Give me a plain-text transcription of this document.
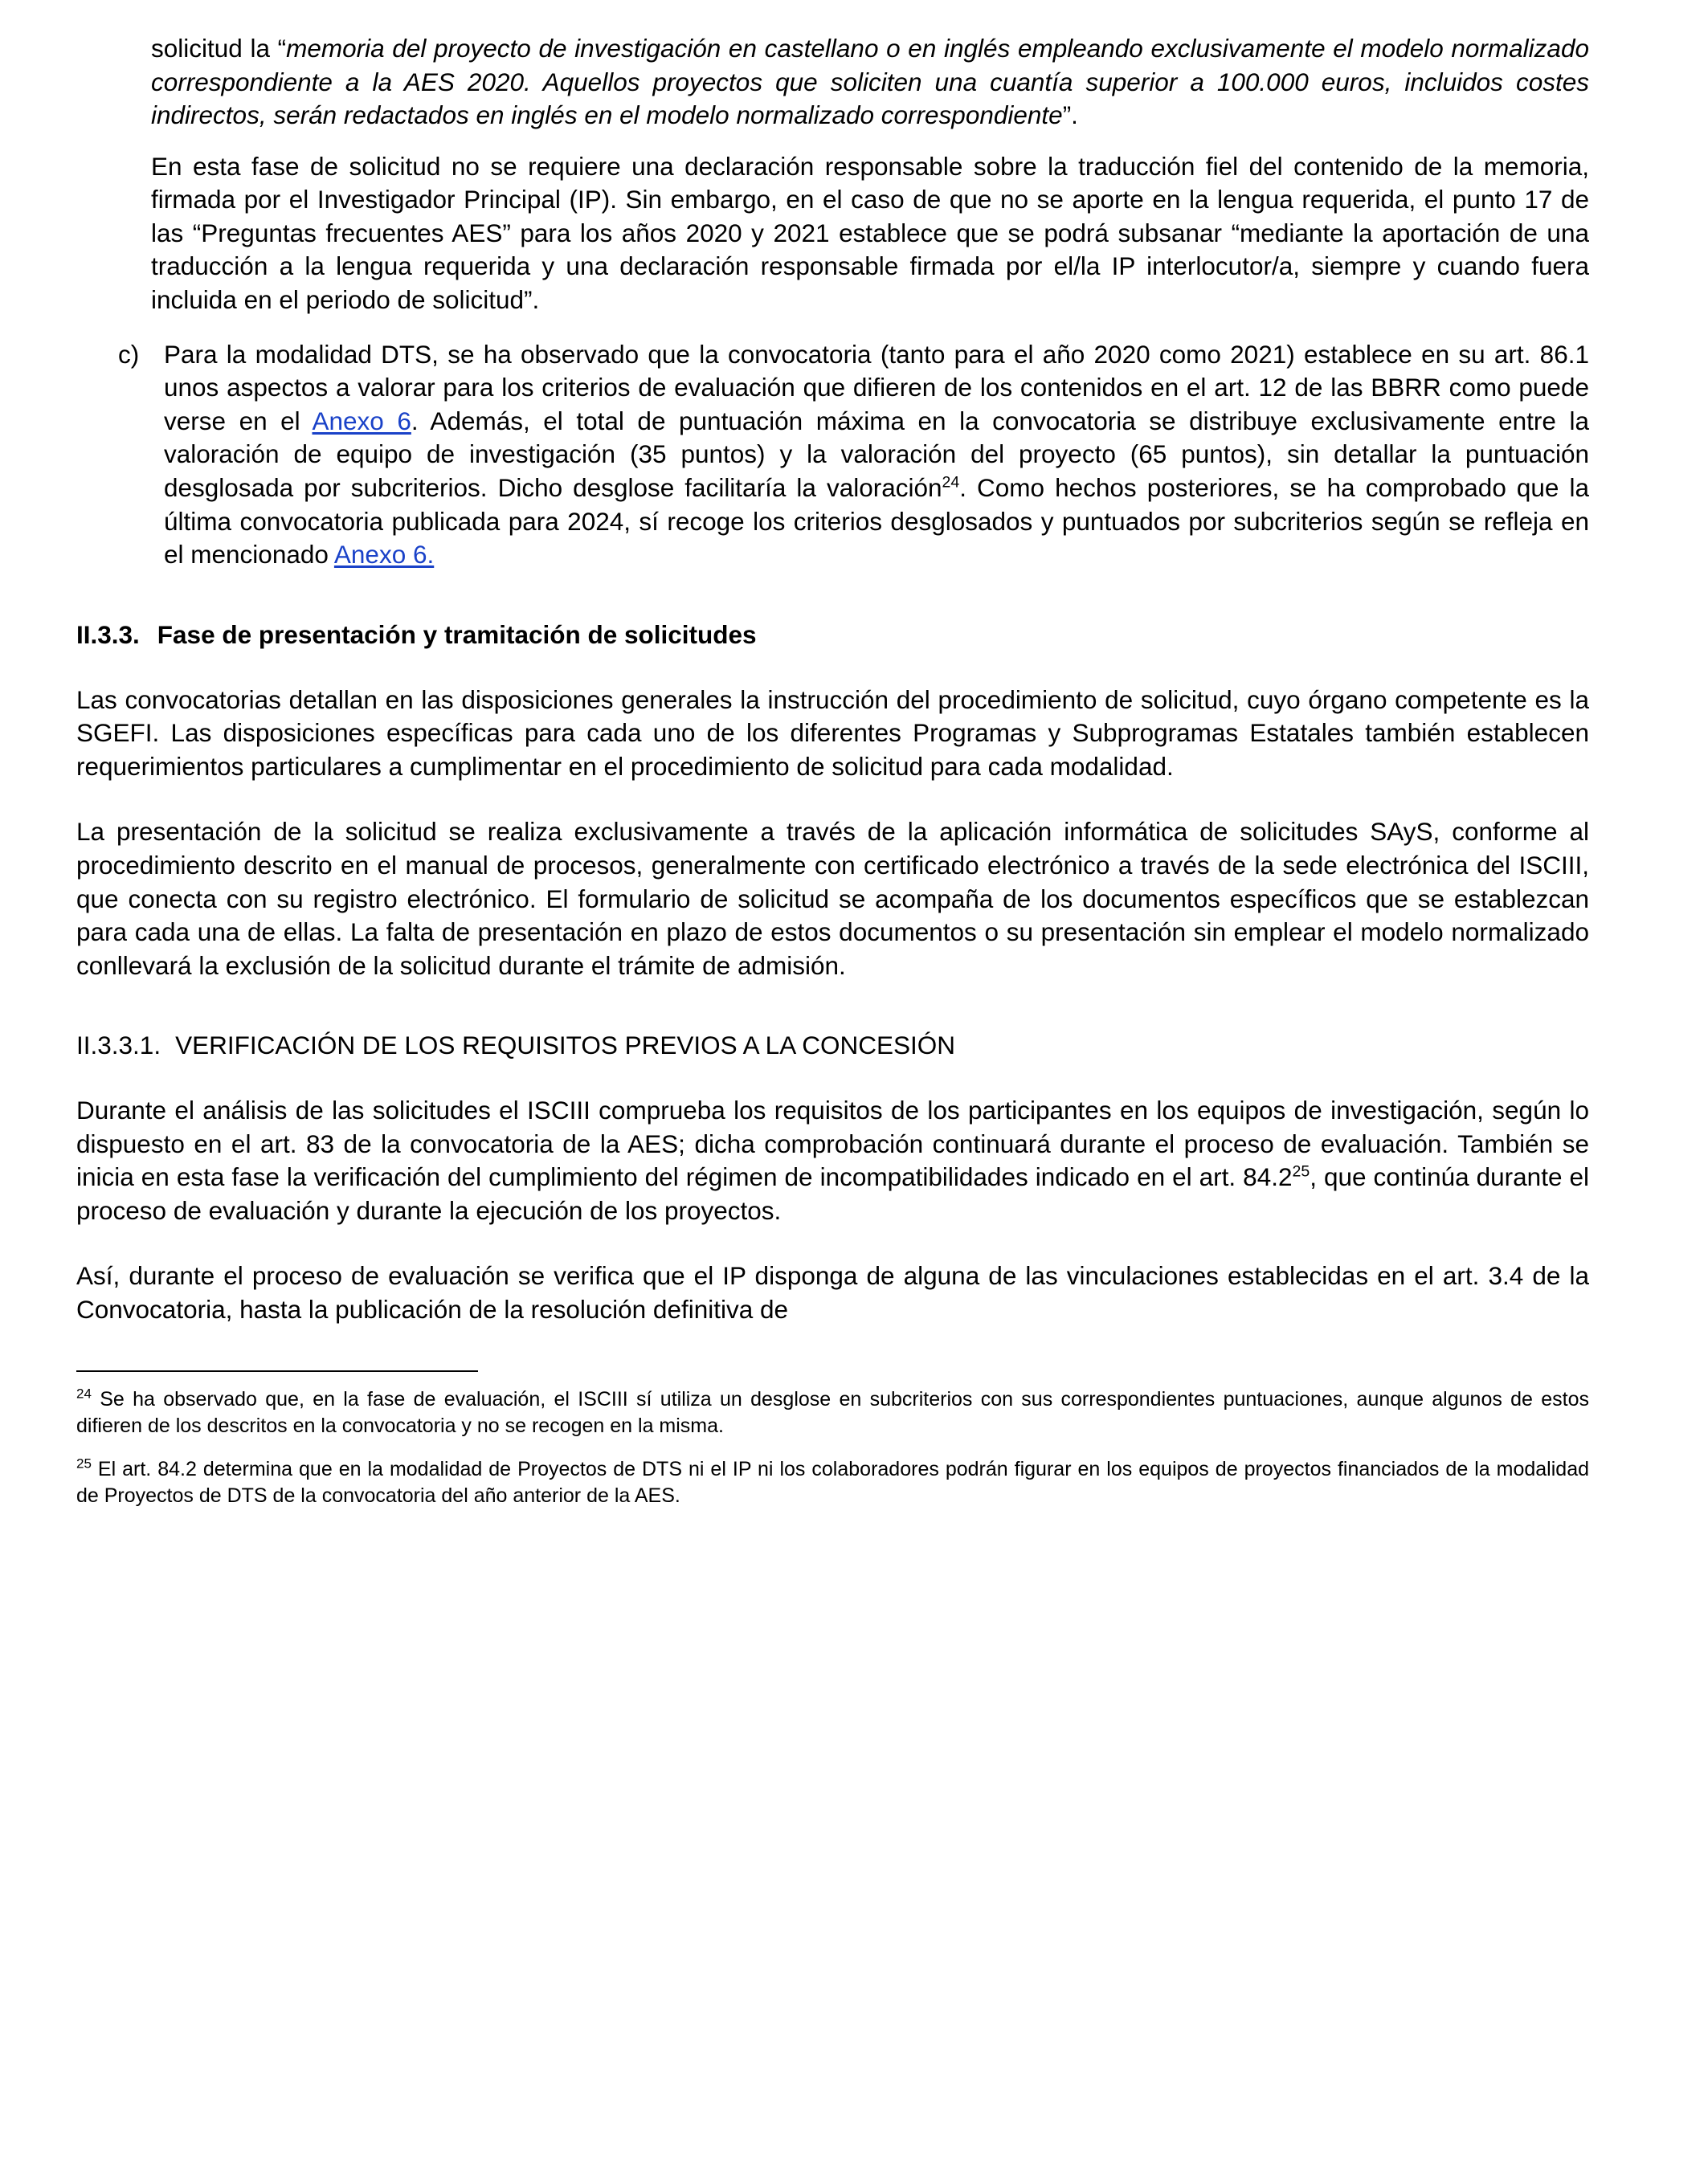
solicitud la “memoria del proyecto de investigación en castellano o en inglés empleando exclusivamente el modelo normalizado correspondiente a la AES 2020. Aquellos proyectos que soliciten una cuantía superior a 100.000 euros, incluidos costes indirectos, serán redactados en inglés en el modelo normalizado correspondiente”.

En esta fase de solicitud no se requiere una declaración responsable sobre la traducción fiel del contenido de la memoria, firmada por el Investigador Principal (IP). Sin embargo, en el caso de que no se aporte en la lengua requerida, el punto 17 de las “Preguntas frecuentes AES” para los años 2020 y 2021 establece que se podrá subsanar “mediante la aportación de una traducción a la lengua requerida y una declaración responsable firmada por el/la IP interlocutor/a, siempre y cuando fuera incluida en el periodo de solicitud”.

c) Para la modalidad DTS, se ha observado que la convocatoria (tanto para el año 2020 como 2021) establece en su art. 86.1 unos aspectos a valorar para los criterios de evaluación que difieren de los contenidos en el art. 12 de las BBRR como puede verse en el Anexo 6. Además, el total de puntuación máxima en la convocatoria se distribuye exclusivamente entre la valoración de equipo de investigación (35 puntos) y la valoración del proyecto (65 puntos), sin detallar la puntuación desglosada por subcriterios. Dicho desglose facilitaría la valoración$^{24}$. Como hechos posteriores, se ha comprobado que la última convocatoria publicada para 2024, sí recoge los criterios desglosados y puntuados por subcriterios según se refleja en el mencionado Anexo 6.
II.3.3. Fase de presentación y tramitación de solicitudes

Las convocatorias detallan en las disposiciones generales la instrucción del procedimiento de solicitud, cuyo órgano competente es la SGEFI. Las disposiciones específicas para cada uno de los diferentes Programas y Subprogramas Estatales también establecen requerimientos particulares a cumplimentar en el procedimiento de solicitud para cada modalidad.

La presentación de la solicitud se realiza exclusivamente a través de la aplicación informática de solicitudes SAyS, conforme al procedimiento descrito en el manual de procesos, generalmente con certificado electrónico a través de la sede electrónica del ISCIII, que conecta con su registro electrónico. El formulario de solicitud se acompaña de los documentos específicos que se establezcan para cada una de ellas. La falta de presentación en plazo de estos documentos o su presentación sin emplear el modelo normalizado conllevará la exclusión de la solicitud durante el trámite de admisión.

II.3.3.1. VERIFICACIÓN DE LOS REQUISITOS PREVIOS A LA CONCESIÓN

Durante el análisis de las solicitudes el ISCIII comprueba los requisitos de los participantes en los equipos de investigación, según lo dispuesto en el art. 83 de la convocatoria de la AES; dicha comprobación continuará durante el proceso de evaluación. También se inicia en esta fase la verificación del cumplimiento del régimen de incompatibilidades indicado en el art. 84.2$^{25}$, que continúa durante el proceso de evaluación y durante la ejecución de los proyectos.

Así, durante el proceso de evaluación se verifica que el IP disponga de alguna de las vinculaciones establecidas en el art. 3.4 de la Convocatoria, hasta la publicación de la resolución definitiva de

$^{24}$ Se ha observado que, en la fase de evaluación, el ISCIII sí utiliza un desglose en subcriterios con sus correspondientes puntuaciones, aunque algunos de estos difieren de los descritos en la convocatoria y no se recogen en la misma.

$^{25}$ El art. 84.2 determina que en la modalidad de Proyectos de DTS ni el IP ni los colaboradores podrán figurar en los equipos de proyectos financiados de la modalidad de Proyectos de DTS de la convocatoria del año anterior de la AES.
